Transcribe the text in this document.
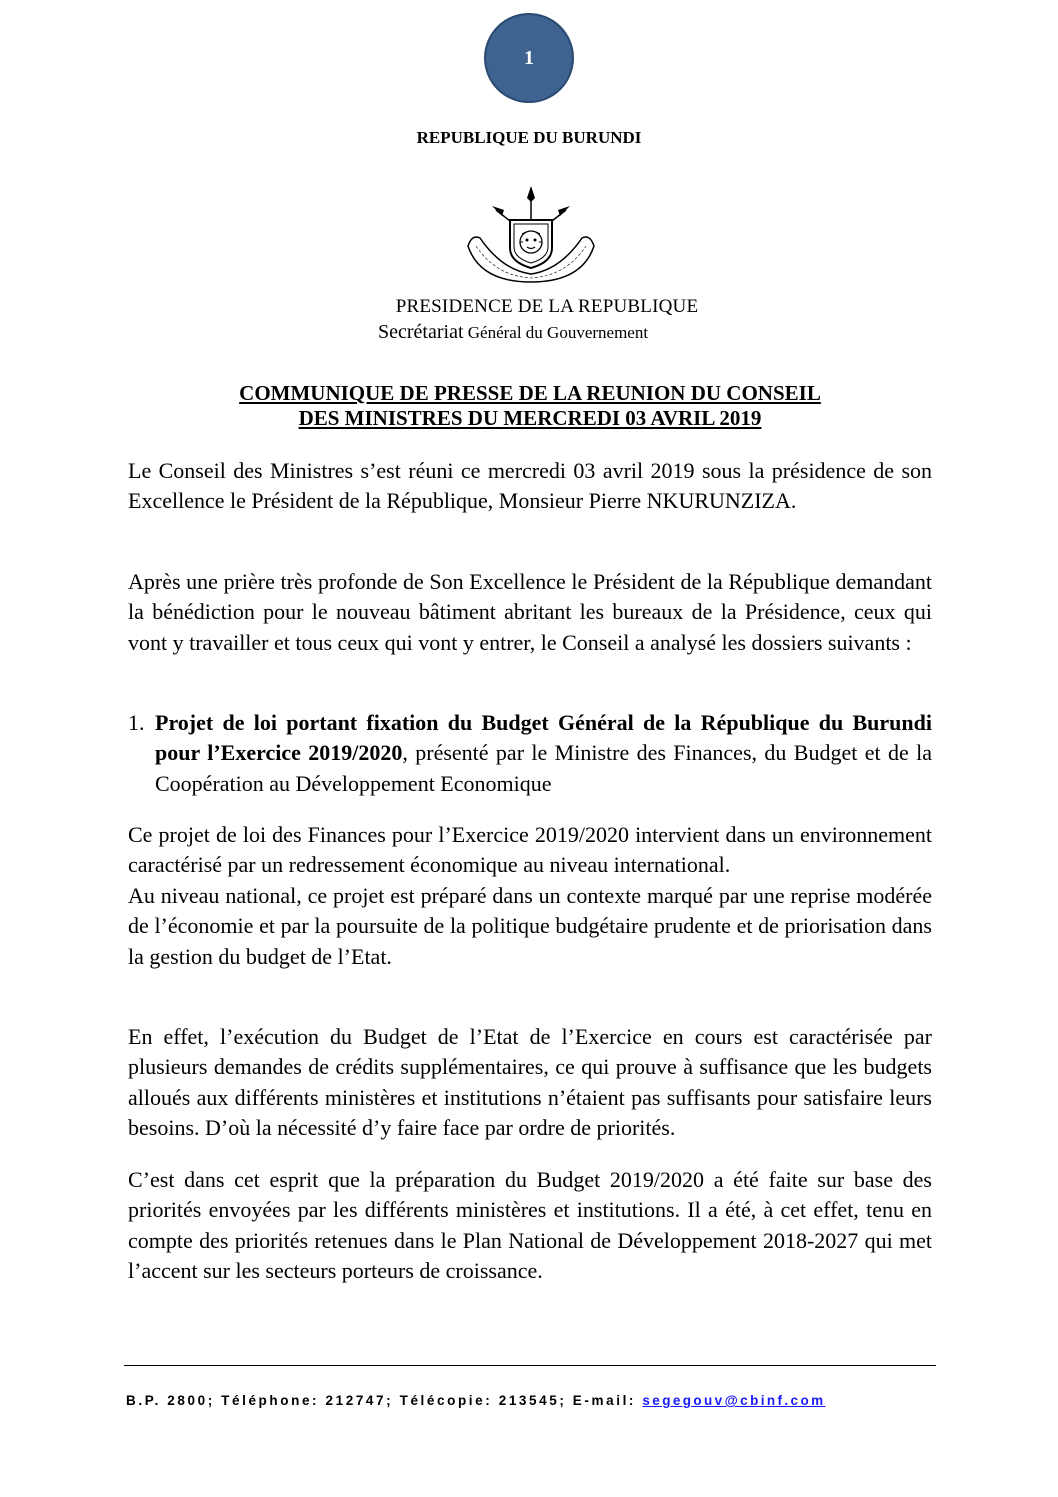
1
REPUBLIQUE DU BURUNDI
PRESIDENCE DE LA REPUBLIQUE
Secrétariat Général du Gouvernement
COMMUNIQUE DE PRESSE DE LA REUNION DU CONSEIL
DES MINISTRES DU MERCREDI 03 AVRIL 2019
Le Conseil des Ministres s’est réuni ce mercredi 03 avril 2019 sous la présidence de son Excellence le Président de la République, Monsieur Pierre NKURUNZIZA.
Après une prière très profonde de Son Excellence le Président de la République demandant la bénédiction pour le nouveau bâtiment abritant les bureaux de la Présidence, ceux qui vont y travailler et tous ceux qui vont y entrer, le Conseil a analysé les dossiers suivants :
1. Projet de loi portant fixation du Budget Général de la République du Burundi pour l’Exercice 2019/2020, présenté par le Ministre des Finances, du Budget et de la Coopération au Développement Economique
Ce projet de loi des Finances pour l’Exercice 2019/2020 intervient dans un environnement caractérisé par un redressement économique au niveau international.
Au niveau national, ce projet est préparé dans un contexte marqué par une reprise modérée de l’économie et par la poursuite de la politique budgétaire prudente et de priorisation dans la gestion du budget de l’Etat.
En effet, l’exécution du Budget de l’Etat de l’Exercice en cours est caractérisée par plusieurs demandes de crédits supplémentaires, ce qui prouve à suffisance que les budgets alloués aux différents ministères et institutions n’étaient pas suffisants pour satisfaire leurs besoins. D’où la nécessité d’y faire face par ordre de priorités.
C’est dans cet esprit que la préparation du Budget 2019/2020 a été faite sur base des priorités envoyées par les différents ministères et institutions. Il a été, à cet effet, tenu en compte des priorités retenues dans le Plan National de Développement 2018-2027 qui met l’accent sur les secteurs porteurs de croissance.
B.P. 2800; Téléphone: 212747; Télécopie: 213545; E-mail: segegouv@cbinf.com
